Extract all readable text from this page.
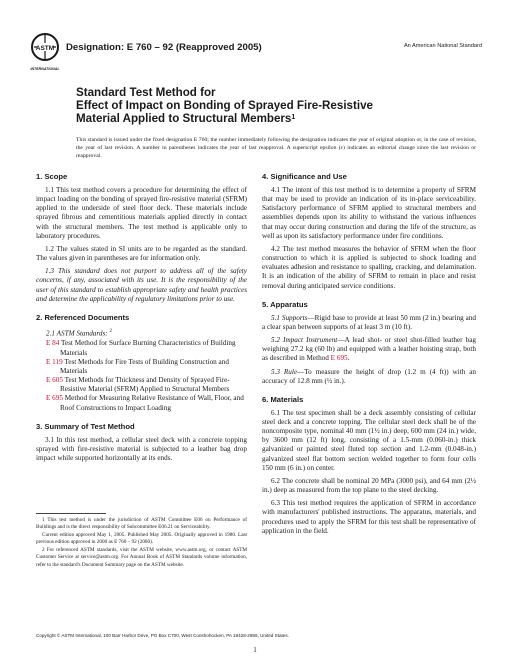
ASTM
INTERNATIONAL
Designation: E 760 – 92 (Reapproved 2005)	An American National Standard
Standard Test Method for
Effect of Impact on Bonding of Sprayed Fire-Resistive
Material Applied to Structural Members$^1$
This standard is issued under the fixed designation E 760; the number immediately following the designation indicates the year of original adoption or, in the case of revision, the year of last revision. A number in parentheses indicates the year of last reapproval. A superscript epsilon (ε) indicates an editorial change since the last revision or reapproval.
1. Scope

1.1 This test method covers a procedure for determining the effect of impact loading on the bonding of sprayed fire-resistive material (SFRM) applied to the underside of steel floor deck. These materials include sprayed fibrous and cementitious materials applied directly in contact with the structural members. The test method is applicable only to laboratory procedures.

1.2 The values stated in SI units are to be regarded as the standard. The values given in parentheses are for information only.

1.3 This standard does not purport to address all of the safety concerns, if any, associated with its use. It is the responsibility of the user of this standard to establish appropriate safety and health practices and determine the applicability of regulatory limitations prior to use.

2. Referenced Documents
2.1 ASTM Standards: $^2$
E 84 Test Method for Surface Burning Characteristics of Building Materials
E 119 Test Methods for Fire Tests of Building Construction and Materials
E 605 Test Methods for Thickness and Density of Sprayed Fire-Resistive Material (SFRM) Applied to Structural Members
E 695 Method for Measuring Relative Resistance of Wall, Floor, and Roof Constructions to Impact Loading
3. Summary of Test Method

3.1 In this test method, a cellular steel deck with a concrete topping sprayed with fire-resistive material is subjected to a leather bag drop impact while supported horizontally at its ends.

1 This test method is under the jurisdiction of ASTM Committee E06 on Performance of Buildings and is the direct responsibility of Subcommittee E06.21 on Serviceability.

Current edition approved May 1, 2005. Published May 2005. Originally approved in 1980. Last previous edition approved in 2000 as E 760 – 92 (2000).

2 For referenced ASTM standards, visit the ASTM website, www.astm.org, or contact ASTM Customer Service at service@astm.org. For Annual Book of ASTM Standards volume information, refer to the standard's Document Summary page on the ASTM website.

4. Significance and Use

4.1 The intent of this test method is to determine a property of SFRM that may be used to provide an indication of its in-place serviceability. Satisfactory performance of SFRM applied to structural members and assemblies depends upon its ability to withstand the various influences that may occur during construction and during the life of the structure, as well as upon its satisfactory performance under fire conditions.

4.2 The test method measures the behavior of SFRM when the floor construction to which it is applied is subjected to shock loading and evaluates adhesion and resistance to spalling, cracking, and delamination. It is an indication of the ability of SFRM to remain in place and resist removal during anticipated service conditions.

5. Apparatus

5.1 Supports—Rigid base to provide at least 50 mm (2 in.) bearing and a clear span between supports of at least 3 m (10 ft).

5.2 Impact Instrument—A lead shot- or steel shot-filled leather bag weighing 27.2 kg (60 lb) and equipped with a leather hoisting strap, both as described in Method E 695.

5.3 Rule—To measure the height of drop (1.2 m (4 ft)) with an accuracy of 12.8 mm (½ in.).

6. Materials

6.1 The test specimen shall be a deck assembly consisting of cellular steel deck and a concrete topping. The cellular steel deck shall be of the noncomposite type, nominal 40 mm (1½ in.) deep, 600 mm (24 in.) wide, by 3600 mm (12 ft) long, consisting of a 1.5-mm (0.060-in.) thick galvanized or painted steel fluted top section and 1.2-mm (0.048-in.) galvanized steel flat bottom section welded together to form four cells 150 mm (6 in.) on center.

6.2 The concrete shall be nominal 20 MPa (3000 psi), and 64 mm (2½ in.) deep as measured from the top plane to the steel decking.

6.3 This test method requires the application of SFRM in accordance with manufacturers' published instructions. The apparatus, materials, and procedures used to apply the SFRM for this test shall be representative of application in the field.

Copyright © ASTM International, 100 Barr Harbor Drive, PO Box C700, West Conshohocken, PA 19428-2959, United States.
1
